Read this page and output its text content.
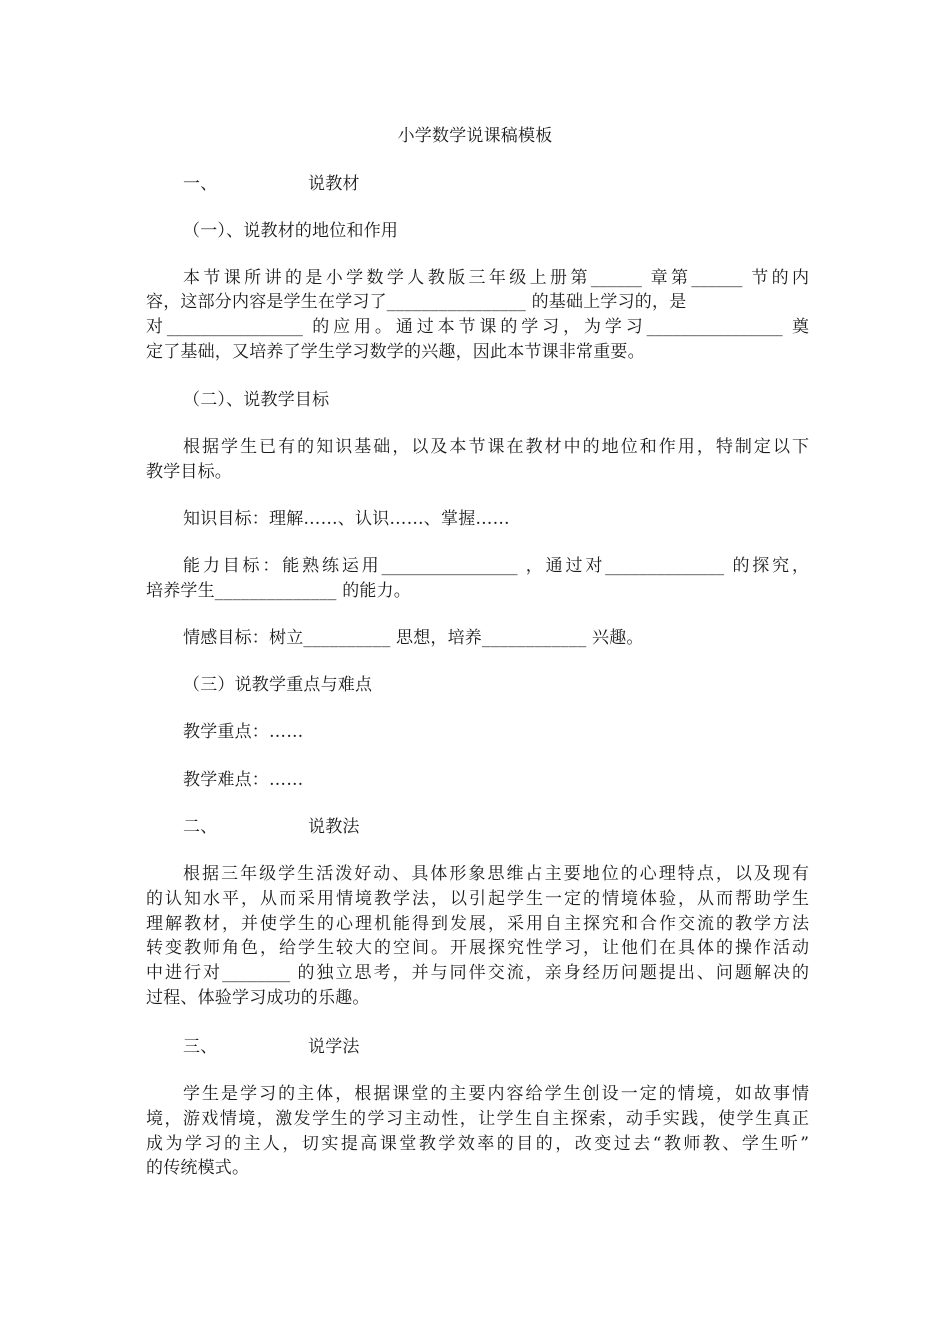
小学数学说课稿模板
一、	说教材
（一）、说教材的地位和作用
本节课所讲的是小学数学人教版三年级上册第______ 章第______ 节的内
容，这部分内容是学生在学习了________________ 的基础上学习的，是
对________________ 的应用。通过本节课的学习，为学习________________ 奠
定了基础，又培养了学生学习数学的兴趣，因此本节课非常重要。
（二）、说教学目标
根据学生已有的知识基础，以及本节课在教材中的地位和作用，特制定以下
教学目标。
知识目标：理解……、认识……、掌握……
能力目标：能熟练运用________________ ，通过对______________ 的探究，
培养学生______________ 的能力。
情感目标：树立__________ 思想，培养____________ 兴趣。
（三）说教学重点与难点
教学重点：……
教学难点：……
二、	说教法
根据三年级学生活泼好动、具体形象思维占主要地位的心理特点，以及现有
的认知水平，从而采用情境教学法，以引起学生一定的情境体验，从而帮助学生
理解教材，并使学生的心理机能得到发展，采用自主探究和合作交流的教学方法
转变教师角色，给学生较大的空间。开展探究性学习，让他们在具体的操作活动
中进行对________ 的独立思考，并与同伴交流，亲身经历问题提出、问题解决的
过程、体验学习成功的乐趣。
三、	说学法
学生是学习的主体，根据课堂的主要内容给学生创设一定的情境，如故事情
境，游戏情境，激发学生的学习主动性，让学生自主探索，动手实践，使学生真正
成为学习的主人，切实提高课堂教学效率的目的，改变过去“教师教、学生听”
的传统模式。
